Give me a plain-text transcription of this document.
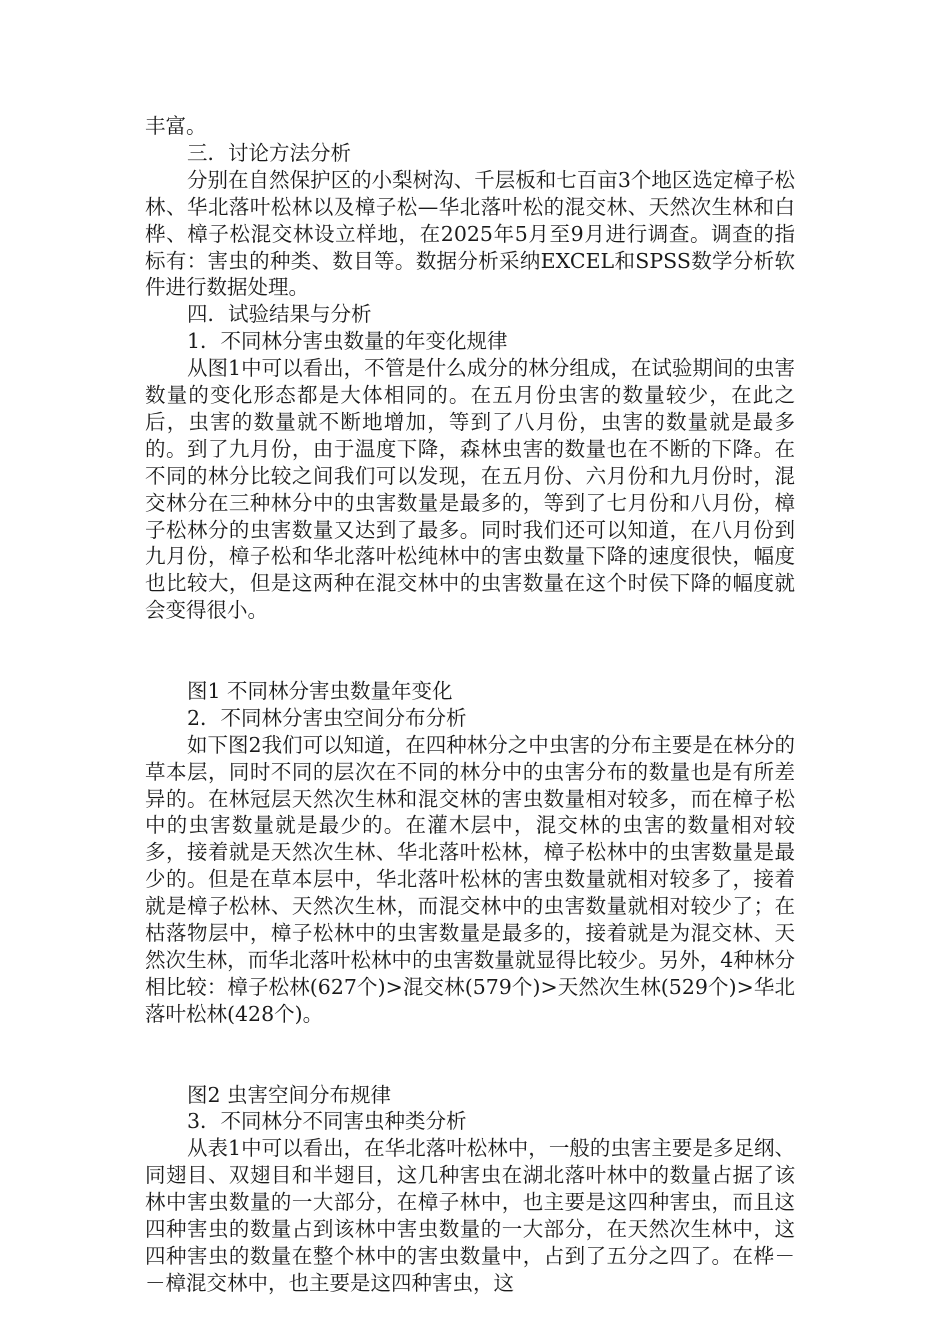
丰富。
三．讨论方法分析

分别在自然保护区的小梨树沟、千层板和七百亩3个地区选定樟子松林、华北落叶松林以及樟子松—华北落叶松的混交林、天然次生林和白桦、樟子松混交林设立样地，在2025年5月至9月进行调查。调查的指标有：害虫的种类、数目等。数据分析采纳EXCEL和SPSS数学分析软件进行数据处理。

四．试验结果与分析
1．不同林分害虫数量的年变化规律

从图1中可以看出，不管是什么成分的林分组成，在试验期间的虫害数量的变化形态都是大体相同的。在五月份虫害的数量较少，在此之后，虫害的数量就不断地增加，等到了八月份，虫害的数量就是最多的。到了九月份，由于温度下降，森林虫害的数量也在不断的下降。在不同的林分比较之间我们可以发现，在五月份、六月份和九月份时，混交林分在三种林分中的虫害数量是最多的，等到了七月份和八月份，樟子松林分的虫害数量又达到了最多。同时我们还可以知道，在八月份到九月份，樟子松和华北落叶松纯林中的害虫数量下降的速度很快，幅度也比较大，但是这两种在混交林中的虫害数量在这个时侯下降的幅度就会变得很小。

图1 不同林分害虫数量年变化
2．不同林分害虫空间分布分析

如下图2我们可以知道，在四种林分之中虫害的分布主要是在林分的草本层，同时不同的层次在不同的林分中的虫害分布的数量也是有所差异的。在林冠层天然次生林和混交林的害虫数量相对较多，而在樟子松中的虫害数量就是最少的。在灌木层中，混交林的虫害的数量相对较多，接着就是天然次生林、华北落叶松林，樟子松林中的虫害数量是最少的。但是在草本层中，华北落叶松林的害虫数量就相对较多了，接着就是樟子松林、天然次生林，而混交林中的虫害数量就相对较少了；在枯落物层中，樟子松林中的虫害数量是最多的，接着就是为混交林、天然次生林，而华北落叶松林中的虫害数量就显得比较少。另外，4种林分相比较：樟子松林(627个)>混交林(579个)>天然次生林(529个)>华北落叶松林(428个)。

图2 虫害空间分布规律
3．不同林分不同害虫种类分析

从表1中可以看出，在华北落叶松林中，一般的虫害主要是多足纲、同翅目、双翅目和半翅目，这几种害虫在湖北落叶林中的数量占据了该林中害虫数量的一大部分，在樟子林中，也主要是这四种害虫，而且这四种害虫的数量占到该林中害虫数量的一大部分，在天然次生林中，这四种害虫的数量在整个林中的害虫数量中，占到了五分之四了。在桦－－樟混交林中，也主要是这四种害虫，这
